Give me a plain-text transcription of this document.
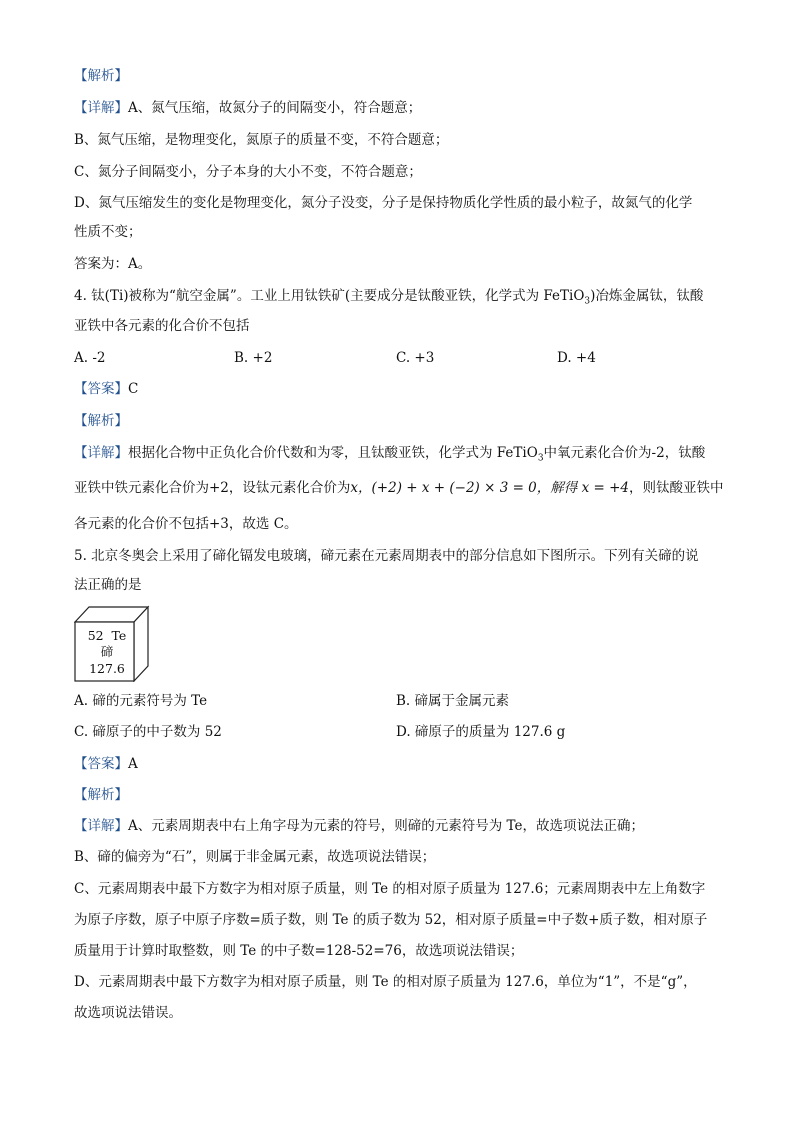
【解析】
【详解】A、氮气压缩，故氮分子的间隔变小，符合题意；
B、氮气压缩，是物理变化，氮原子的质量不变，不符合题意；
C、氮分子间隔变小，分子本身的大小不变，不符合题意；
D、氮气压缩发生的变化是物理变化，氮分子没变，分子是保持物质化学性质的最小粒子，故氮气的化学
性质不变；
答案为：A。
4. 钛(Ti)被称为“航空金属”。工业上用钛铁矿(主要成分是钛酸亚铁，化学式为 FeTiO$_3$)冶炼金属钛，钛酸
亚铁中各元素的化合价不包括
A. -2	B. +2	C. +3	D. +4
【答案】C
【解析】
【详解】根据化合物中正负化合价代数和为零，且钛酸亚铁，化学式为 FeTiO$_3$中氧元素化合价为-2，钛酸
亚铁中铁元素化合价为+2，设钛元素化合价为x，(+2) + x + (−2) × 3 = 0，解得 x = +4，则钛酸亚铁中
各元素的化合价不包括+3，故选 C。
5. 北京冬奥会上采用了碲化镉发电玻璃，碲元素在元素周期表中的部分信息如下图所示。下列有关碲的说
法正确的是
52 Te
碲
127.6
A. 碲的元素符号为 Te	B. 碲属于金属元素
C. 碲原子的中子数为 52	D. 碲原子的质量为 127.6 g
【答案】A
【解析】
【详解】A、元素周期表中右上角字母为元素的符号，则碲的元素符号为 Te，故选项说法正确；
B、碲的偏旁为“石”，则属于非金属元素，故选项说法错误；
C、元素周期表中最下方数字为相对原子质量，则 Te 的相对原子质量为 127.6；元素周期表中左上角数字
为原子序数，原子中原子序数=质子数，则 Te 的质子数为 52，相对原子质量=中子数+质子数，相对原子
质量用于计算时取整数，则 Te 的中子数=128-52=76，故选项说法错误；
D、元素周期表中最下方数字为相对原子质量，则 Te 的相对原子质量为 127.6，单位为“1”，不是“g”，
故选项说法错误。
